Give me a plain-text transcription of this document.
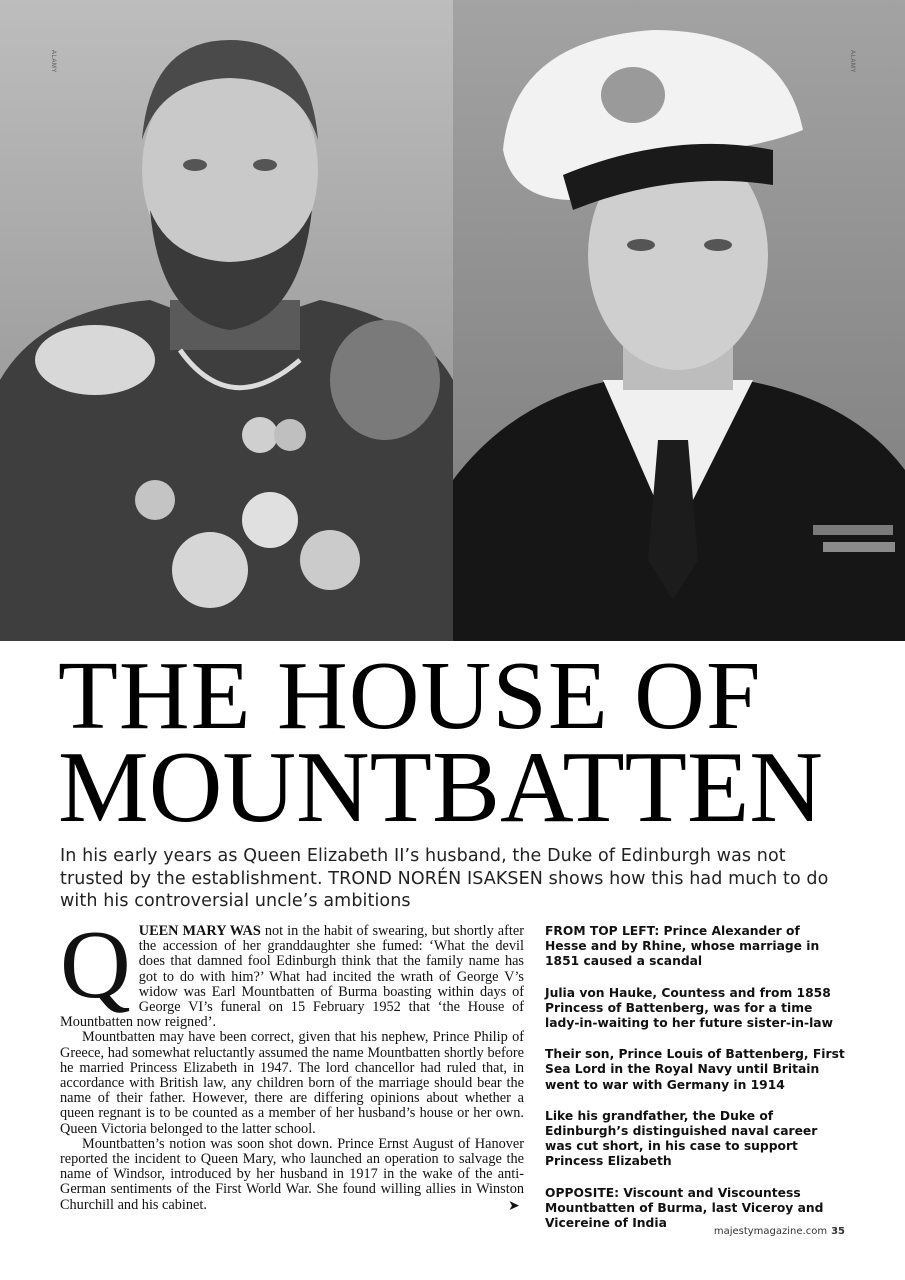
ALAMY	ALAMY
THE HOUSE OF
MOUNTBATTEN

In his early years as Queen Elizabeth II’s husband, the Duke of Edinburgh was not trusted by the establishment. TROND NORÉN ISAKSEN shows how this had much to do with his controversial uncle’s ambitions

QUEEN MARY WAS not in the habit of swearing, but shortly after the accession of her granddaughter she fumed: ‘What the devil does that damned fool Edinburgh think that the family name has got to do with him?’ What had incited the wrath of George V’s widow was Earl Mountbatten of Burma boasting within days of George VI’s funeral on 15 February 1952 that ‘the House of Mountbatten now reigned’.

Mountbatten may have been correct, given that his nephew, Prince Philip of Greece, had somewhat reluctantly assumed the name Mountbatten shortly before he married Princess Elizabeth in 1947. The lord chancellor had ruled that, in accordance with British law, any children born of the marriage should bear the name of their father. However, there are differing opinions about whether a queen regnant is to be counted as a member of her husband’s house or her own. Queen Victoria belonged to the latter school.

Mountbatten’s notion was soon shot down. Prince Ernst August of Hanover reported the incident to Queen Mary, who launched an operation to salvage the name of Windsor, introduced by her husband in 1917 in the wake of the anti-German sentiments of the First World War. She found willing allies in Winston Churchill and his cabinet.	➤

FROM TOP LEFT: Prince Alexander of Hesse and by Rhine, whose marriage in 1851 caused a scandal

Julia von Hauke, Countess and from 1858 Princess of Battenberg, was for a time lady-in-waiting to her future sister-in-law

Their son, Prince Louis of Battenberg, First Sea Lord in the Royal Navy until Britain went to war with Germany in 1914

Like his grandfather, the Duke of Edinburgh’s distinguished naval career was cut short, in his case to support Princess Elizabeth

OPPOSITE: Viscount and Viscountess Mountbatten of Burma, last Viceroy and Vicereine of India

majestymagazine.com 35
